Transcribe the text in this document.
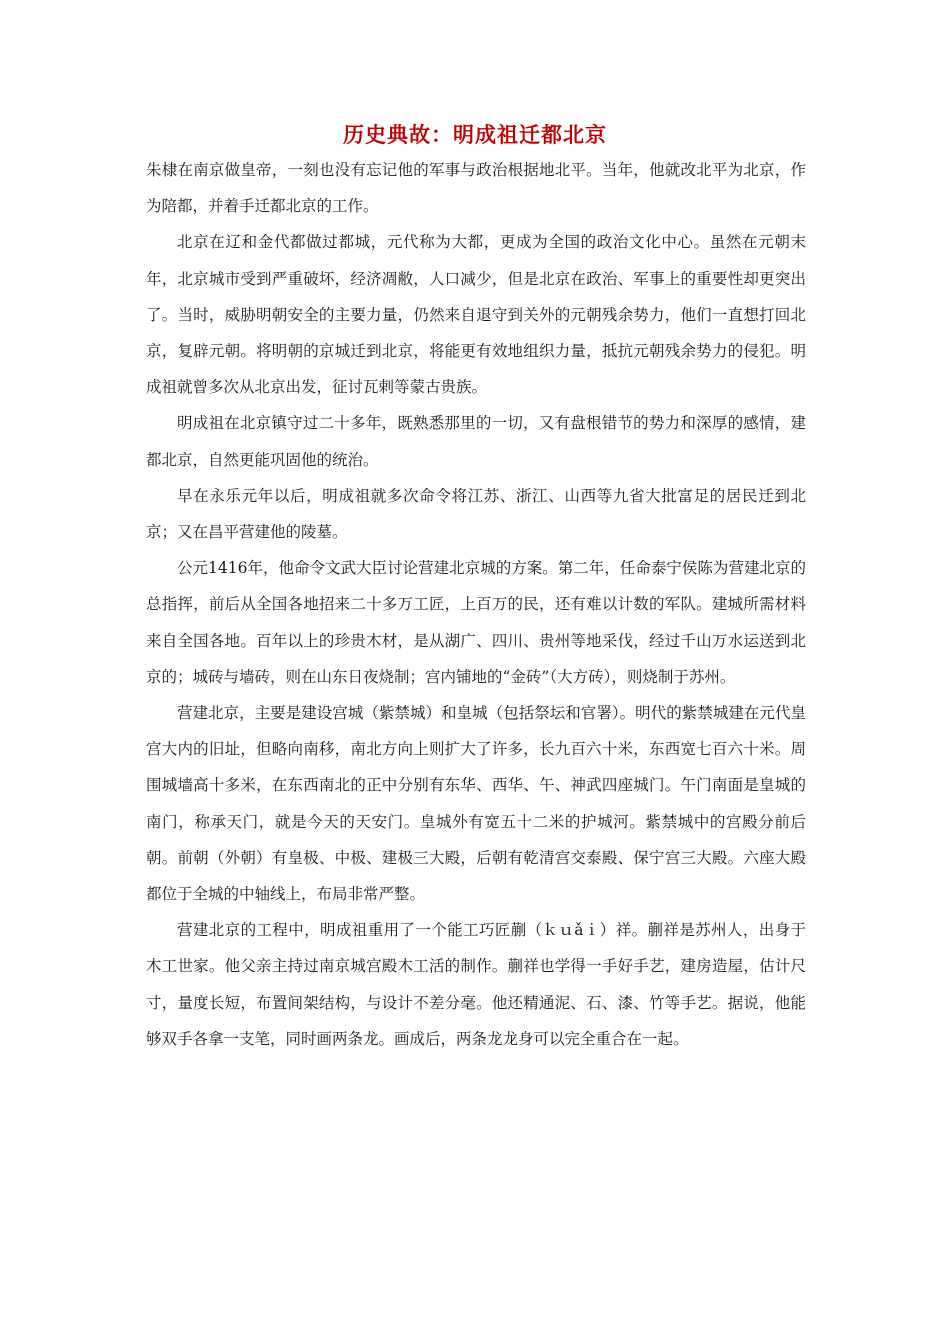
历史典故：明成祖迁都北京

朱棣在南京做皇帝，一刻也没有忘记他的军事与政治根据地北平。当年，他就改北平为北京，作为陪都，并着手迁都北京的工作。

北京在辽和金代都做过都城，元代称为大都，更成为全国的政治文化中心。虽然在元朝末年，北京城市受到严重破坏，经济凋敝，人口减少，但是北京在政治、军事上的重要性却更突出了。当时，威胁明朝安全的主要力量，仍然来自退守到关外的元朝残余势力，他们一直想打回北京，复辟元朝。将明朝的京城迁到北京，将能更有效地组织力量，抵抗元朝残余势力的侵犯。明成祖就曾多次从北京出发，征讨瓦剌等蒙古贵族。

明成祖在北京镇守过二十多年，既熟悉那里的一切，又有盘根错节的势力和深厚的感情，建都北京，自然更能巩固他的统治。

早在永乐元年以后，明成祖就多次命令将江苏、浙江、山西等九省大批富足的居民迁到北京；又在昌平营建他的陵墓。

公元1416年，他命令文武大臣讨论营建北京城的方案。第二年，任命泰宁侯陈为营建北京的总指挥，前后从全国各地招来二十多万工匠，上百万的民，还有难以计数的军队。建城所需材料来自全国各地。百年以上的珍贵木材，是从湖广、四川、贵州等地采伐，经过千山万水运送到北京的；城砖与墙砖，则在山东日夜烧制；宫内铺地的“金砖”（大方砖），则烧制于苏州。

营建北京，主要是建设宫城（紫禁城）和皇城（包括祭坛和官署）。明代的紫禁城建在元代皇宫大内的旧址，但略向南移，南北方向上则扩大了许多，长九百六十米，东西宽七百六十米。周围城墙高十多米，在东西南北的正中分别有东华、西华、午、神武四座城门。午门南面是皇城的南门，称承天门，就是今天的天安门。皇城外有宽五十二米的护城河。紫禁城中的宫殿分前后朝。前朝（外朝）有皇极、中极、建极三大殿，后朝有乾清宫交泰殿、保宁宫三大殿。六座大殿都位于全城的中轴线上，布局非常严整。

营建北京的工程中，明成祖重用了一个能工巧匠蒯（ｋｕǎｉ）祥。蒯祥是苏州人，出身于木工世家。他父亲主持过南京城宫殿木工活的制作。蒯祥也学得一手好手艺，建房造屋，估计尺寸，量度长短，布置间架结构，与设计不差分毫。他还精通泥、石、漆、竹等手艺。据说，他能够双手各拿一支笔，同时画两条龙。画成后，两条龙龙身可以完全重合在一起。
